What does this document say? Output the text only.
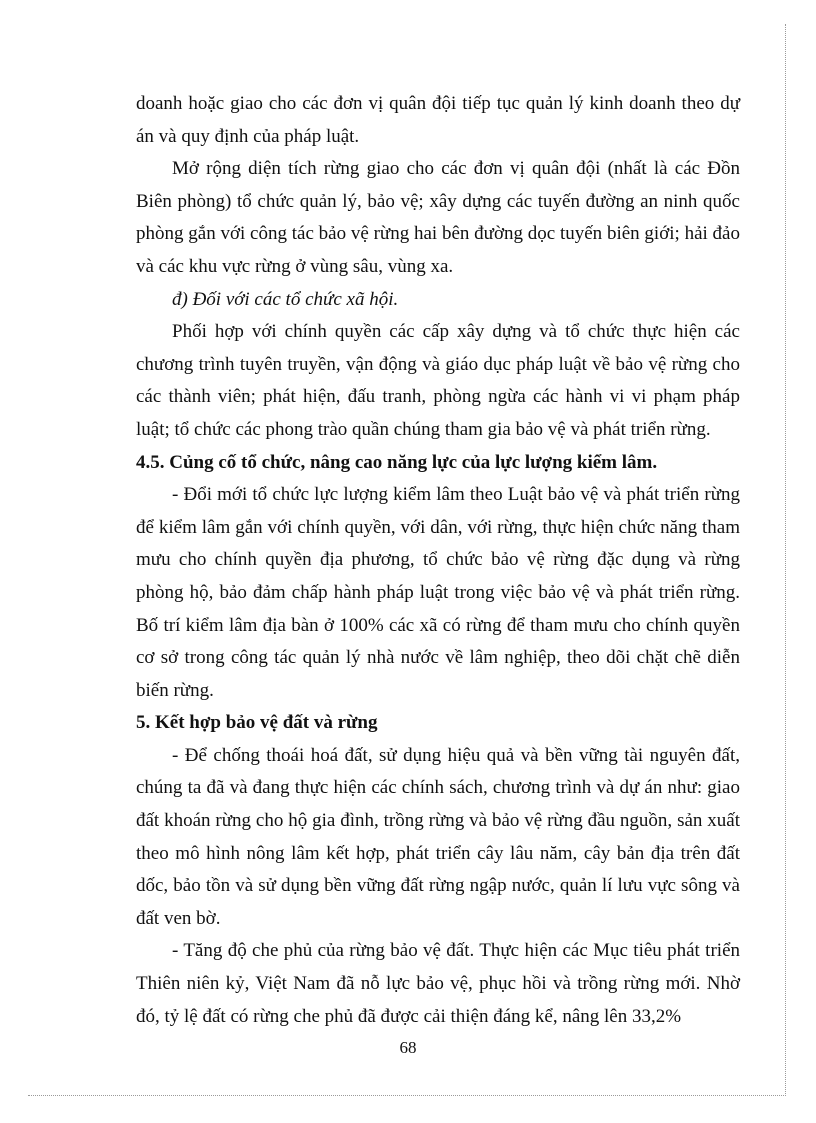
doanh hoặc giao cho các đơn vị quân đội tiếp tục quản lý kinh doanh theo dự án và quy định của pháp luật.

Mở rộng diện tích rừng giao cho các đơn vị quân đội (nhất là các Đồn Biên phòng) tổ chức quản lý, bảo vệ; xây dựng các tuyến đường an ninh quốc phòng gắn với công tác bảo vệ rừng hai bên đường dọc tuyến biên giới; hải đảo và các khu vực rừng ở vùng sâu, vùng xa.

đ) Đối với các tổ chức xã hội.

Phối hợp với chính quyền các cấp xây dựng và tổ chức thực hiện các chương trình tuyên truyền, vận động và giáo dục pháp luật về bảo vệ rừng cho các thành viên; phát hiện, đấu tranh, phòng ngừa các hành vi vi phạm pháp luật; tổ chức các phong trào quần chúng tham gia bảo vệ và phát triển rừng.

4.5. Củng cố tổ chức, nâng cao năng lực của lực lượng kiểm lâm.

- Đổi mới tổ chức lực lượng kiểm lâm theo Luật bảo vệ và phát triển rừng để kiểm lâm gắn với chính quyền, với dân, với rừng, thực hiện chức năng tham mưu cho chính quyền địa phương, tổ chức bảo vệ rừng đặc dụng và rừng phòng hộ, bảo đảm chấp hành pháp luật trong việc bảo vệ và phát triển rừng. Bố trí kiểm lâm địa bàn ở 100% các xã có rừng để tham mưu cho chính quyền cơ sở trong công tác quản lý nhà nước về lâm nghiệp, theo dõi chặt chẽ diễn biến rừng.

5. Kết hợp bảo vệ đất và rừng

- Để chống thoái hoá đất, sử dụng hiệu quả và bền vững tài nguyên đất, chúng ta đã và đang thực hiện các chính sách, chương trình và dự án như: giao đất khoán rừng cho hộ gia đình, trồng rừng và bảo vệ rừng đầu nguồn, sản xuất theo mô hình nông lâm kết hợp, phát triển cây lâu năm, cây bản địa trên đất dốc, bảo tồn và sử dụng bền vững đất rừng ngập nước, quản lí lưu vực sông và đất ven bờ.

- Tăng độ che phủ của rừng bảo vệ đất. Thực hiện các Mục tiêu phát triển Thiên niên kỷ, Việt Nam đã nỗ lực bảo vệ, phục hồi và trồng rừng mới. Nhờ đó, tỷ lệ đất có rừng che phủ đã được cải thiện đáng kể, nâng lên 33,2%

68
